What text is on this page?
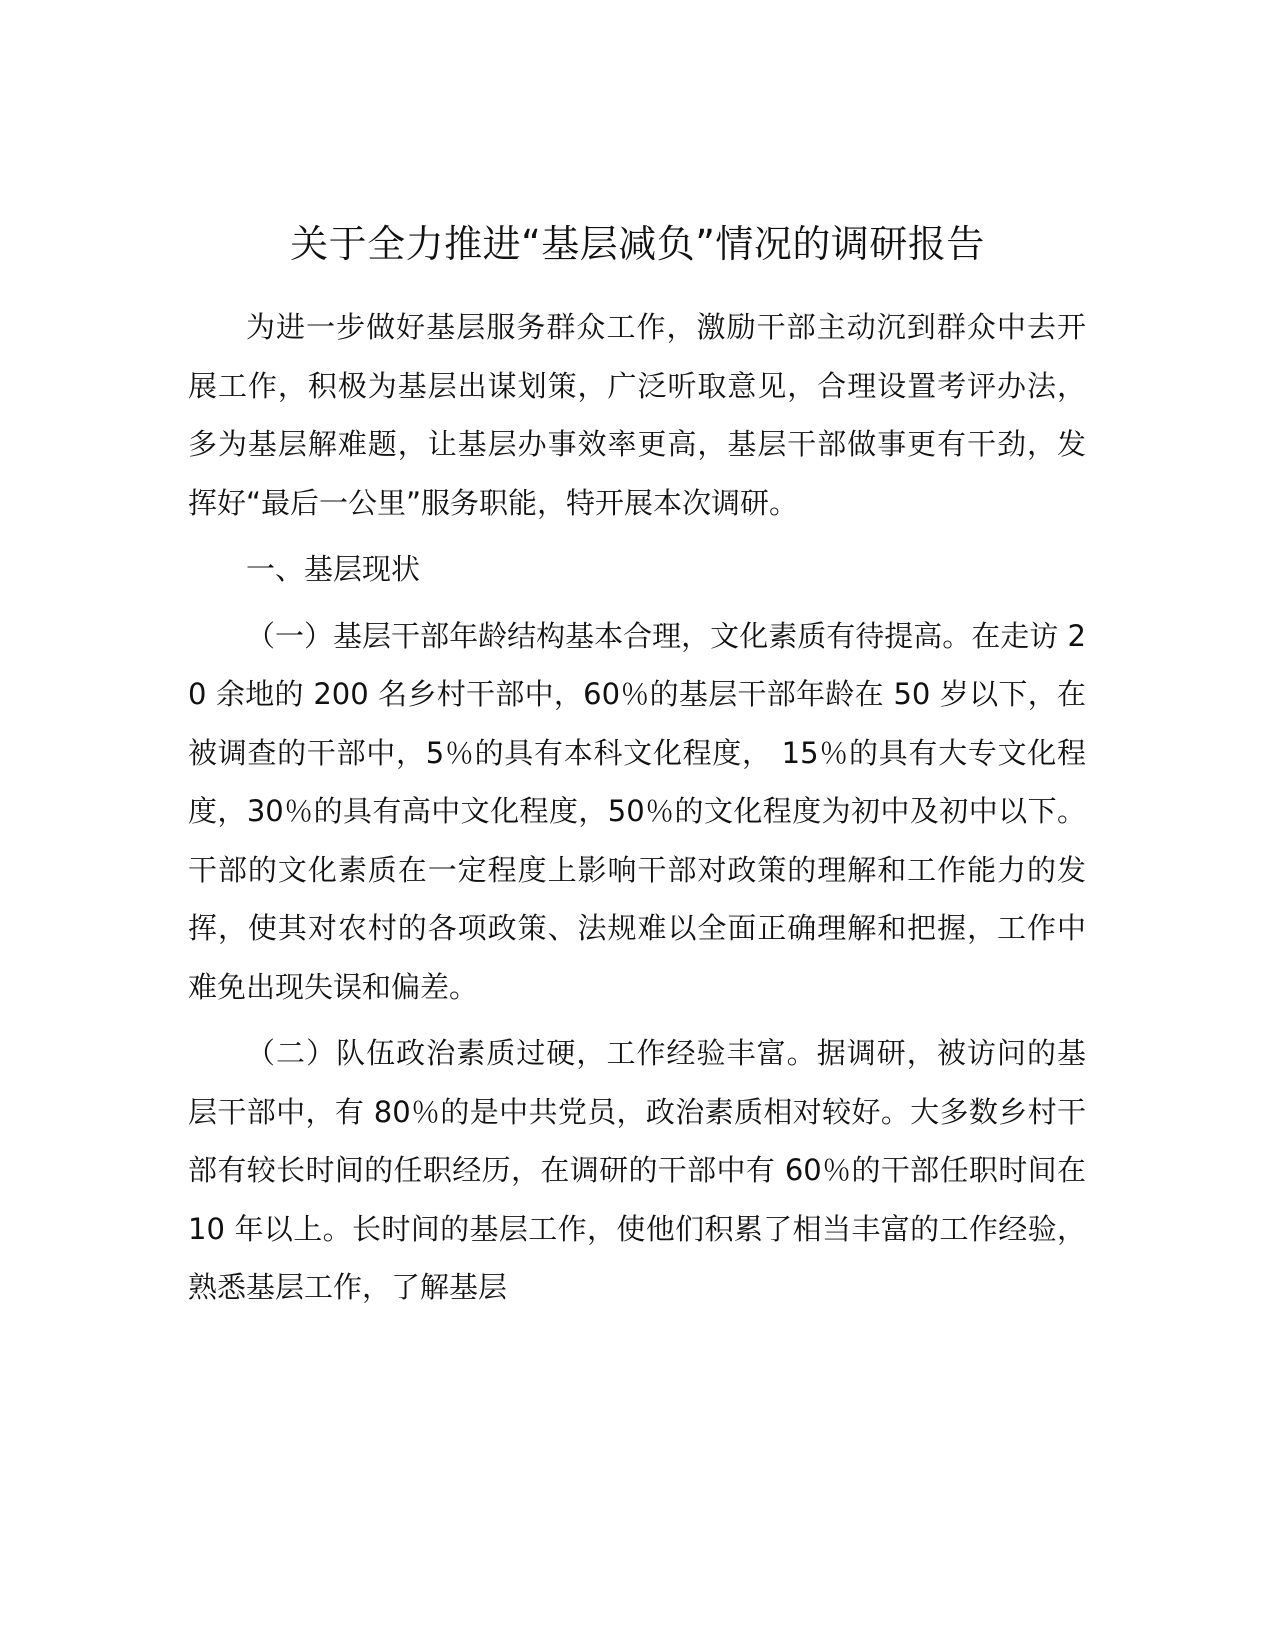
关于全力推进“基层减负”情况的调研报告

为进一步做好基层服务群众工作，激励干部主动沉到群众中去开展工作，积极为基层出谋划策，广泛听取意见，合理设置考评办法，多为基层解难题，让基层办事效率更高，基层干部做事更有干劲，发挥好“最后一公里”服务职能，特开展本次调研。

一、基层现状

（一）基层干部年龄结构基本合理，文化素质有待提高。在走访 20 余地的 200 名乡村干部中，60％的基层干部年龄在 50 岁以下，在被调查的干部中，5％的具有本科文化程度， 15％的具有大专文化程度，30％的具有高中文化程度，50％的文化程度为初中及初中以下。干部的文化素质在一定程度上影响干部对政策的理解和工作能力的发挥，使其对农村的各项政策、法规难以全面正确理解和把握，工作中难免出现失误和偏差。

（二）队伍政治素质过硬，工作经验丰富。据调研，被访问的基层干部中，有 80％的是中共党员，政治素质相对较好。大多数乡村干部有较长时间的任职经历，在调研的干部中有 60％的干部任职时间在 10 年以上。长时间的基层工作，使他们积累了相当丰富的工作经验，熟悉基层工作，了解基层
